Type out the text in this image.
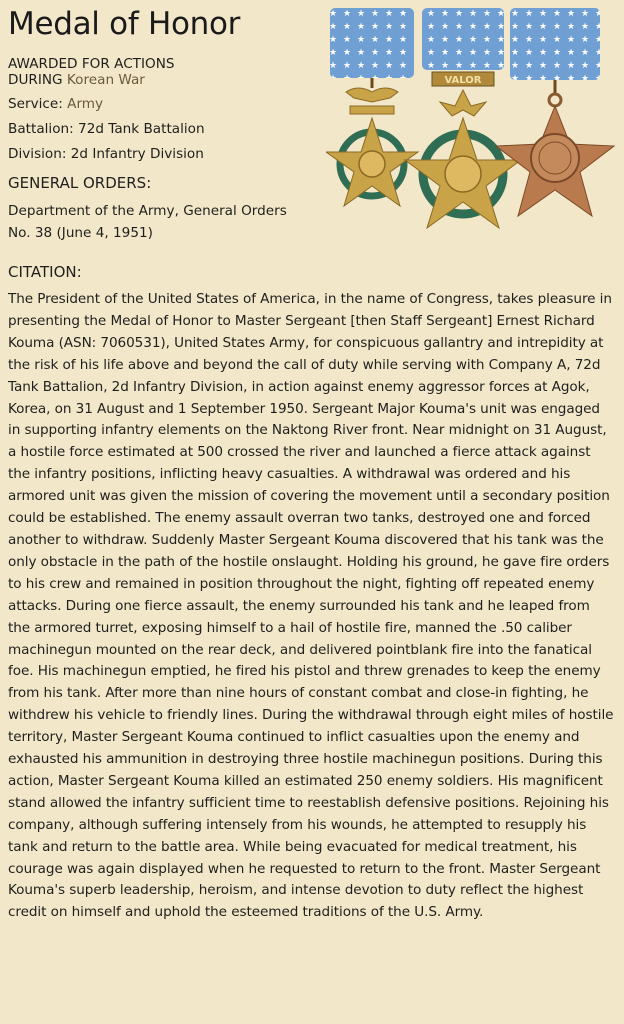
Medal of Honor
AWARDED FOR ACTIONS
DURING Korean War
Service: Army
Battalion: 72d Tank Battalion
Division: 2d Infantry Division
GENERAL ORDERS:
Department of the Army, General Orders
No. 38 (June 4, 1951)
CITATION:

The President of the United States of America, in the name of Congress, takes pleasure in presenting the Medal of Honor to Master Sergeant [then Staff Sergeant] Ernest Richard Kouma (ASN: 7060531), United States Army, for conspicuous gallantry and intrepidity at the risk of his life above and beyond the call of duty while serving with Company A, 72d Tank Battalion, 2d Infantry Division, in action against enemy aggressor forces at Agok, Korea, on 31 August and 1 September 1950. Sergeant Major Kouma's unit was engaged in supporting infantry elements on the Naktong River front. Near midnight on 31 August, a hostile force estimated at 500 crossed the river and launched a fierce attack against the infantry positions, inflicting heavy casualties. A withdrawal was ordered and his armored unit was given the mission of covering the movement until a secondary position could be established. The enemy assault overran two tanks, destroyed one and forced another to withdraw. Suddenly Master Sergeant Kouma discovered that his tank was the only obstacle in the path of the hostile onslaught. Holding his ground, he gave fire orders to his crew and remained in position throughout the night, fighting off repeated enemy attacks. During one fierce assault, the enemy surrounded his tank and he leaped from the armored turret, exposing himself to a hail of hostile fire, manned the .50 caliber machinegun mounted on the rear deck, and delivered pointblank fire into the fanatical foe. His machinegun emptied, he fired his pistol and threw grenades to keep the enemy from his tank. After more than nine hours of constant combat and close-in fighting, he withdrew his vehicle to friendly lines. During the withdrawal through eight miles of hostile territory, Master Sergeant Kouma continued to inflict casualties upon the enemy and exhausted his ammunition in destroying three hostile machinegun positions. During this action, Master Sergeant Kouma killed an estimated 250 enemy soldiers. His magnificent stand allowed the infantry sufficient time to reestablish defensive positions. Rejoining his company, although suffering intensely from his wounds, he attempted to resupply his tank and return to the battle area. While being evacuated for medical treatment, his courage was again displayed when he requested to return to the front. Master Sergeant Kouma's superb leadership, heroism, and intense devotion to duty reflect the highest credit on himself and uphold the esteemed traditions of the U.S. Army.

VALOR
